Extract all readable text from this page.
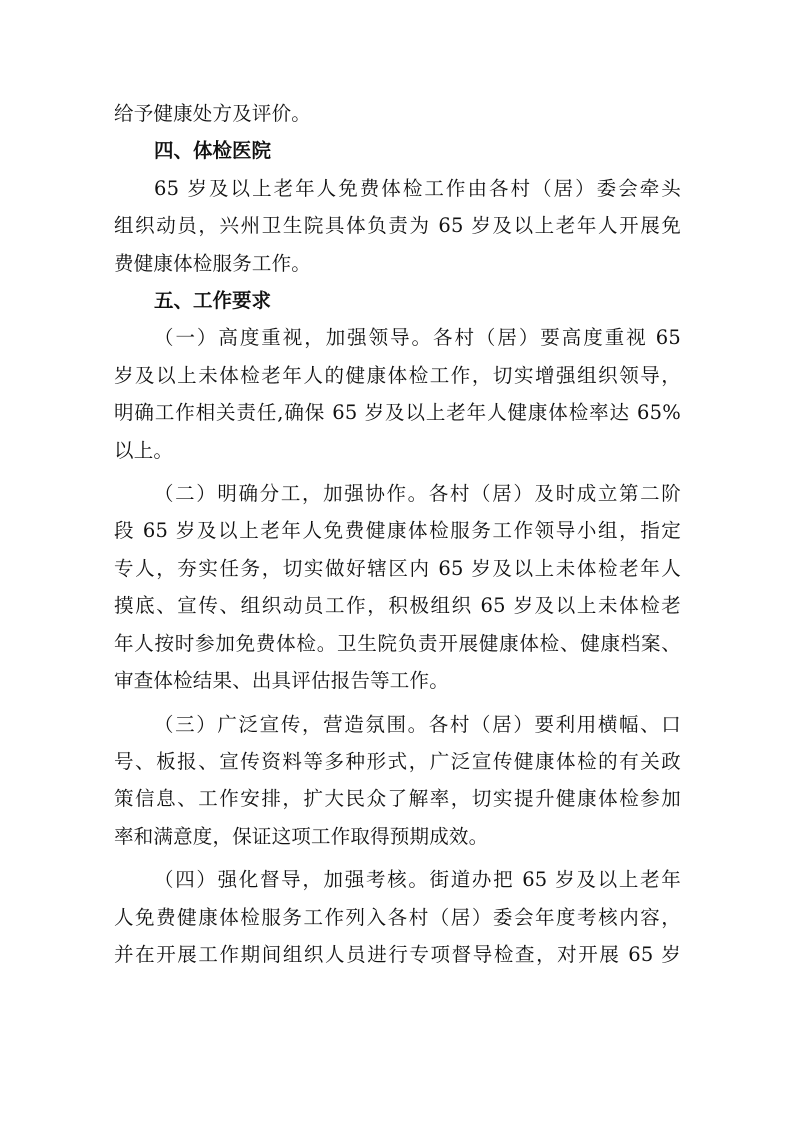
给予健康处方及评价。
四、体检医院
65 岁及以上老年人免费体检工作由各村（居）委会牵头
组织动员，兴州卫生院具体负责为 65 岁及以上老年人开展免
费健康体检服务工作。
五、工作要求
（一）高度重视，加强领导。各村（居）要高度重视 65
岁及以上未体检老年人的健康体检工作，切实增强组织领导，
明确工作相关责任,确保 65 岁及以上老年人健康体检率达 65%
以上。
（二）明确分工，加强协作。各村（居）及时成立第二阶
段 65 岁及以上老年人免费健康体检服务工作领导小组，指定
专人，夯实任务，切实做好辖区内 65 岁及以上未体检老年人
摸底、宣传、组织动员工作，积极组织 65 岁及以上未体检老
年人按时参加免费体检。卫生院负责开展健康体检、健康档案、
审查体检结果、出具评估报告等工作。
（三）广泛宣传，营造氛围。各村（居）要利用横幅、口
号、板报、宣传资料等多种形式，广泛宣传健康体检的有关政
策信息、工作安排，扩大民众了解率，切实提升健康体检参加
率和满意度，保证这项工作取得预期成效。
（四）强化督导，加强考核。街道办把 65 岁及以上老年
人免费健康体检服务工作列入各村（居）委会年度考核内容，
并在开展工作期间组织人员进行专项督导检查，对开展 65 岁
